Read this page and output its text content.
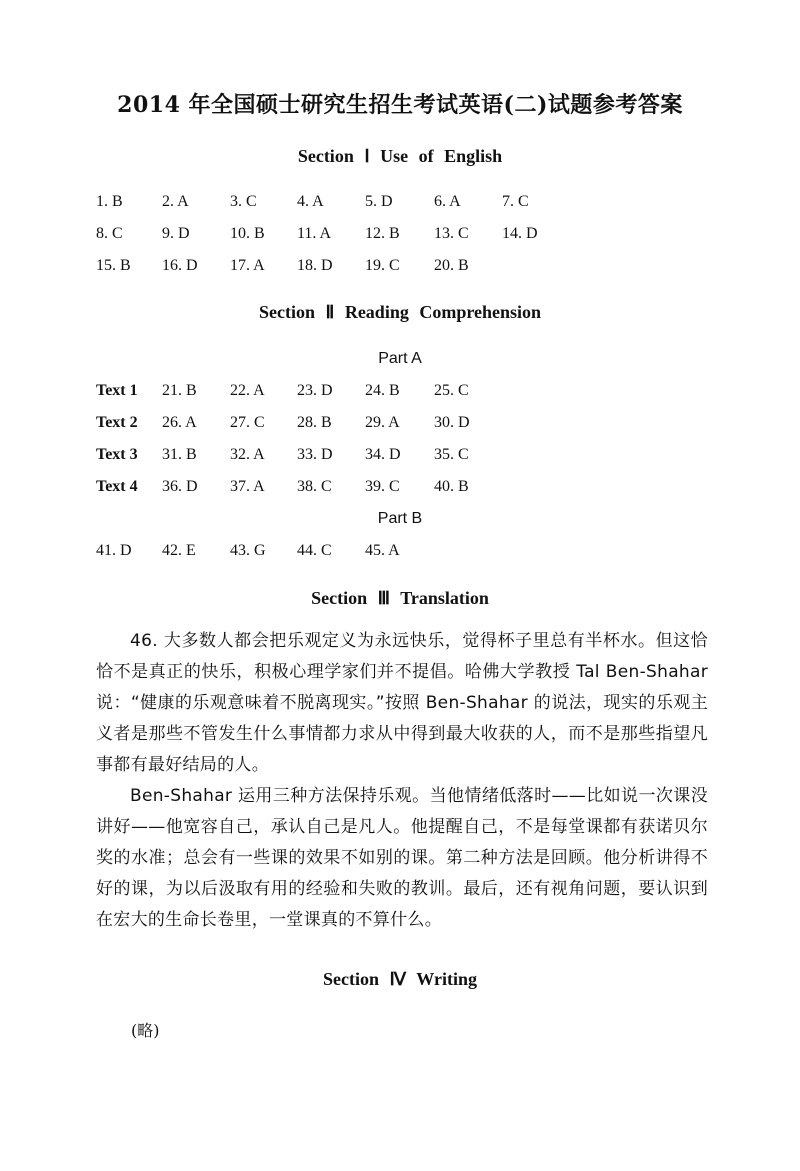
2014 年全国硕士研究生招生考试英语(二)试题参考答案
Section Ⅰ Use of English
1. B 2. A	3. C	4. A	5. D	6. A	7. C
8. C 9. D	10. B 11. A 12. B 13. C 14. D
15. B 16. D 17. A 18. D 19. C 20. B
Section Ⅱ Reading Comprehension
Part A
Text 1 21. B 22. A 23. D 24. B 25. C
Text 2 26. A 27. C 28. B 29. A 30. D
Text 3 31. B 32. A 33. D 34. D 35. C
Text 4 36. D 37. A 38. C 39. C 40. B
Part B
41. D 42. E 43. G 44. C 45. A
Section Ⅲ Translation

46. 大多数人都会把乐观定义为永远快乐，觉得杯子里总有半杯水。但这恰恰不是真正的快乐，积极心理学家们并不提倡。哈佛大学教授 Tal Ben-Shahar 说：“健康的乐观意味着不脱离现实。”按照 Ben-Shahar 的说法，现实的乐观主义者是那些不管发生什么事情都力求从中得到最大收获的人，而不是那些指望凡事都有最好结局的人。

Ben-Shahar 运用三种方法保持乐观。当他情绪低落时——比如说一次课没讲好——他宽容自己，承认自己是凡人。他提醒自己，不是每堂课都有获诺贝尔奖的水准；总会有一些课的效果不如别的课。第二种方法是回顾。他分析讲得不好的课，为以后汲取有用的经验和失败的教训。最后，还有视角问题，要认识到在宏大的生命长卷里，一堂课真的不算什么。

Section Ⅳ Writing
(略)
